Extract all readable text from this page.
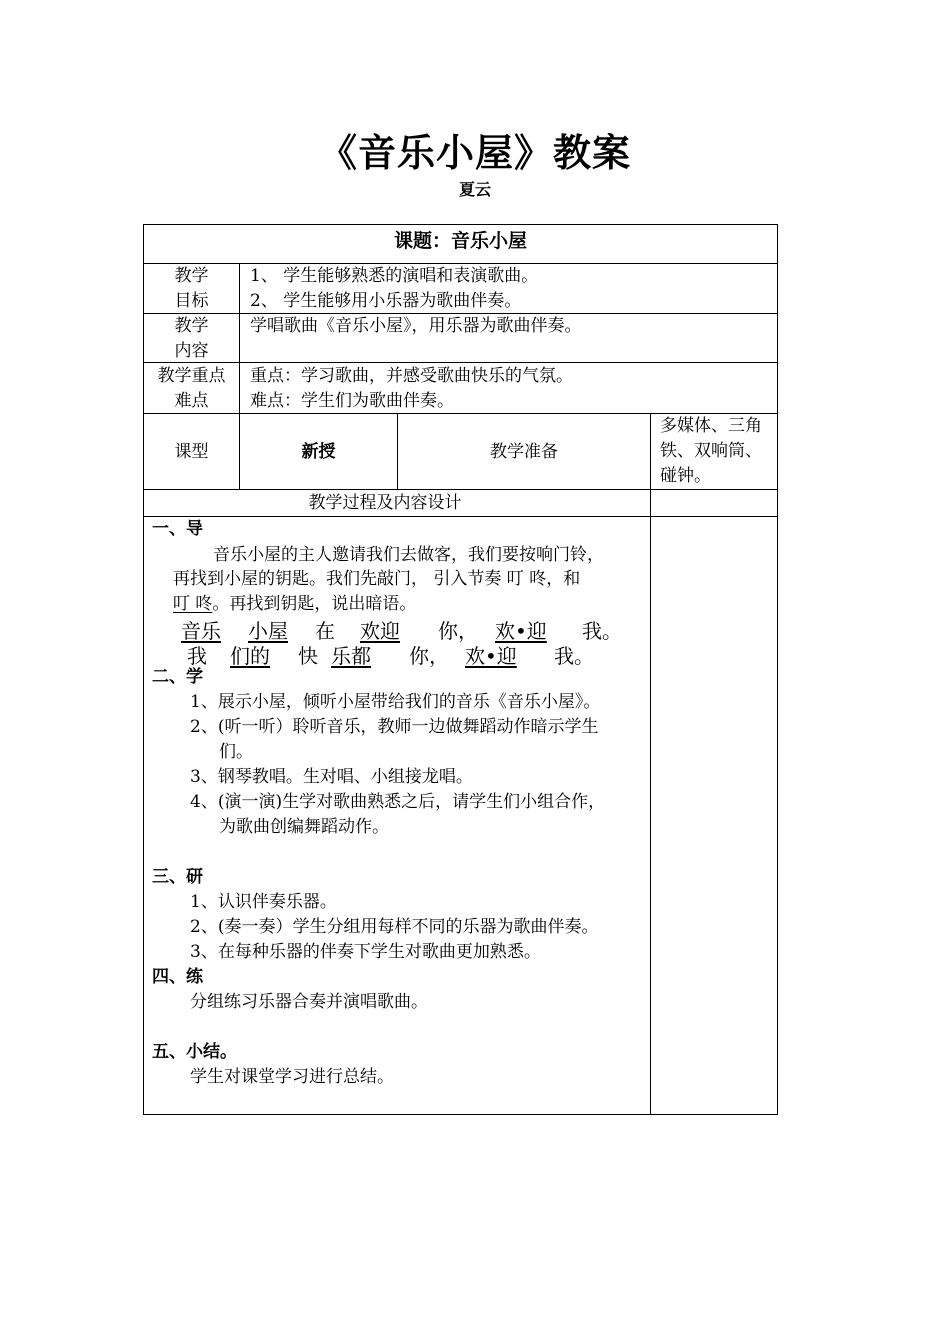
《音乐小屋》教案
夏云
课题：音乐小屋
教学
目标
1、 学生能够熟悉的演唱和表演歌曲。
2、 学生能够用小乐器为歌曲伴奏。
教学
内容
学唱歌曲《音乐小屋》，用乐器为歌曲伴奏。
教学重点
难点
重点：学习歌曲，并感受歌曲快乐的气氛。
难点：学生们为歌曲伴奏。
课型	新授	教学准备
多媒体、三角
铁、双响筒、
碰钟。
教学过程及内容设计
一、导
音乐小屋的主人邀请我们去做客，我们要按响门铃，
再找到小屋的钥匙。我们先敲门， 引入节奏 叮 咚，和
叮 咚。再找到钥匙，说出暗语。
音乐 小屋 在 欢迎 你， 欢•迎 我。
我 们的 快 乐都 你， 欢•迎 我。
二、学
1、展示小屋，倾听小屋带给我们的音乐《音乐小屋》。
2、(听一听）聆听音乐，教师一边做舞蹈动作暗示学生
们。
3、钢琴教唱。生对唱、小组接龙唱。
4、(演一演)生学对歌曲熟悉之后，请学生们小组合作，
为歌曲创编舞蹈动作。
三、研
1、认识伴奏乐器。
2、(奏一奏）学生分组用每样不同的乐器为歌曲伴奏。
3、在每种乐器的伴奏下学生对歌曲更加熟悉。
四、练
分组练习乐器合奏并演唱歌曲。
五、小结。
学生对课堂学习进行总结。
